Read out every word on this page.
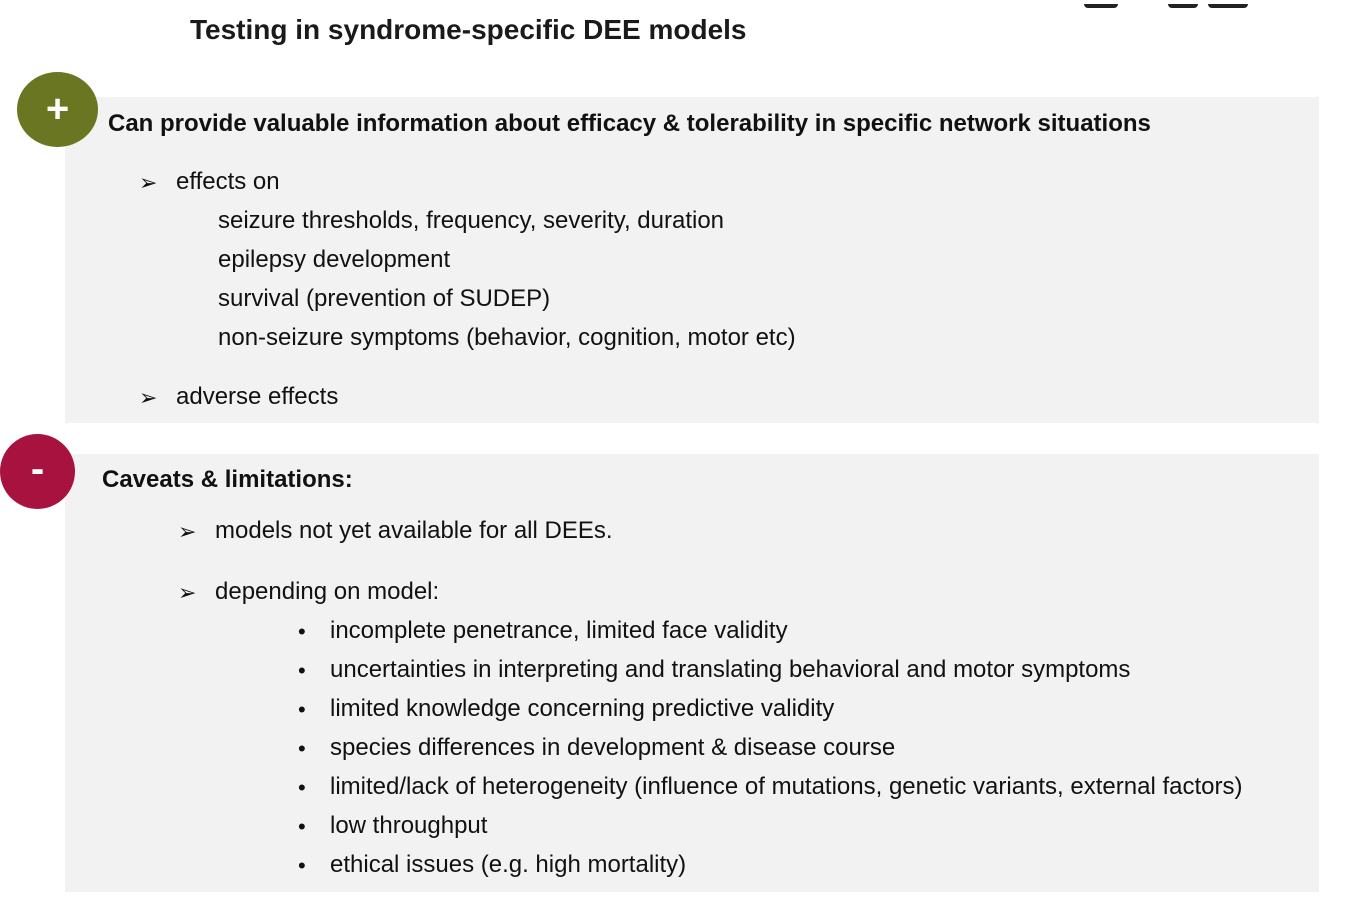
Testing in syndrome-specific DEE models
+	Can provide valuable information about efficacy & tolerability in specific network situations
➢ effects on
seizure thresholds, frequency, severity, duration
epilepsy development
survival (prevention of SUDEP)
non-seizure symptoms (behavior, cognition, motor etc)
➢ adverse effects
-	Caveats & limitations:
➢ models not yet available for all DEEs.
➢ depending on model:
• incomplete penetrance, limited face validity
• uncertainties in interpreting and translating behavioral and motor symptoms
• limited knowledge concerning predictive validity
• species differences in development & disease course
• limited/lack of heterogeneity (influence of mutations, genetic variants, external factors)
• low throughput
• ethical issues (e.g. high mortality)
